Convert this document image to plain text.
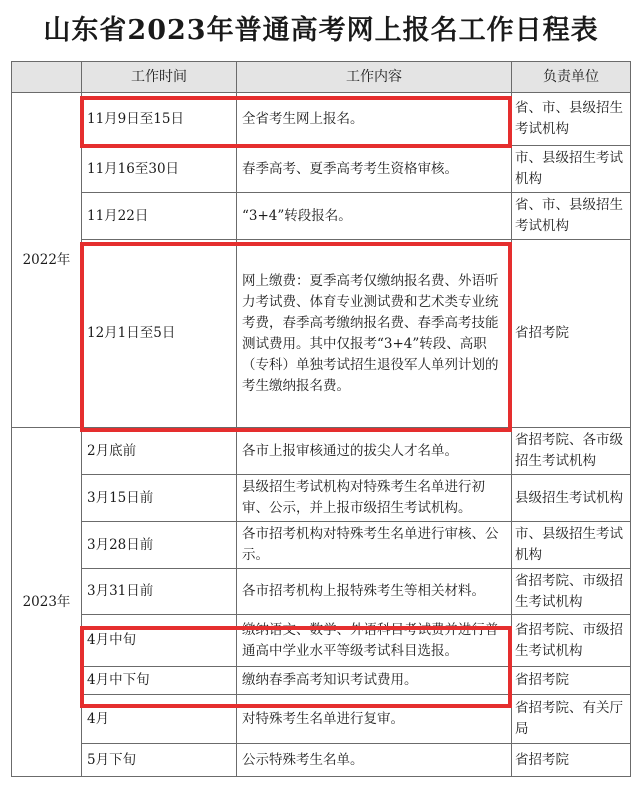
山东省2023年普通高考网上报名工作日程表
	工作时间	工作内容	负责单位
2022年	11月9日至15日	全省考生网上报名。	省、市、县级招生考试机构
	11月16至30日	春季高考、夏季高考考生资格审核。	市、县级招生考试机构
	11月22日	“3+4”转段报名。	省、市、县级招生考试机构
	12月1日至5日	网上缴费：夏季高考仅缴纳报名费、外语听力考试费、体育专业测试费和艺术类专业统考费，春季高考缴纳报名费、春季高考技能测试费用。其中仅报考“3+4”转段、高职（专科）单独考试招生退役军人单列计划的考生缴纳报名费。	省招考院
2023年	2月底前	各市上报审核通过的拔尖人才名单。	省招考院、各市级招生考试机构
	3月15日前	县级招生考试机构对特殊考生名单进行初审、公示，并上报市级招生考试机构。	县级招生考试机构
	3月28日前	各市招考机构对特殊考生名单进行审核、公示。	市、县级招生考试机构
	3月31日前	各市招考机构上报特殊考生等相关材料。	省招考院、市级招生考试机构
	4月中旬	缴纳语文、数学、外语科目考试费并进行普通高中学业水平等级考试科目选报。	省招考院、市级招生考试机构
	4月中下旬	缴纳春季高考知识考试费用。	省招考院
	4月	对特殊考生名单进行复审。	省招考院、有关厅局
	5月下旬	公示特殊考生名单。	省招考院
